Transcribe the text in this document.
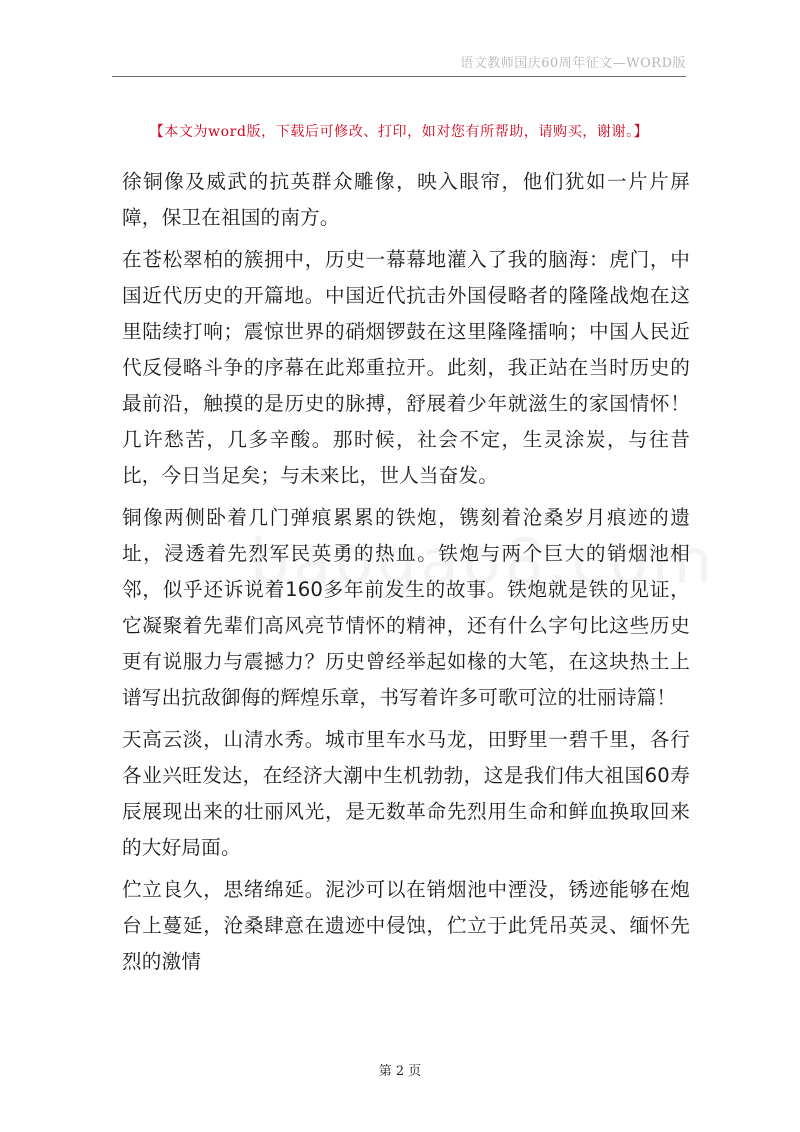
语文教师国庆60周年征文—WORD版
【本文为word版，下载后可修改、打印，如对您有所帮助，请购买，谢谢。】

徐铜像及威武的抗英群众雕像，映入眼帘，他们犹如一片片屏障，保卫在祖国的南方。

在苍松翠柏的簇拥中，历史一幕幕地灌入了我的脑海：虎门，中国近代历史的开篇地。中国近代抗击外国侵略者的隆隆战炮在这里陆续打响；震惊世界的硝烟锣鼓在这里隆隆擂响；中国人民近代反侵略斗争的序幕在此郑重拉开。此刻，我正站在当时历史的最前沿，触摸的是历史的脉搏，舒展着少年就滋生的家国情怀！几许愁苦，几多辛酸。那时候，社会不定，生灵涂炭，与往昔比，今日当足矣；与未来比，世人当奋发。

铜像两侧卧着几门弹痕累累的铁炮，镌刻着沧桑岁月痕迹的遗址，浸透着先烈军民英勇的热血。铁炮与两个巨大的销烟池相邻，似乎还诉说着160多年前发生的故事。铁炮就是铁的见证，它凝聚着先辈们高风亮节情怀的精神，还有什么字句比这些历史更有说服力与震撼力？历史曾经举起如椽的大笔，在这块热土上谱写出抗敌御侮的辉煌乐章，书写着许多可歌可泣的壮丽诗篇！

天高云淡，山清水秀。城市里车水马龙，田野里一碧千里，各行各业兴旺发达，在经济大潮中生机勃勃，这是我们伟大祖国60寿辰展现出来的壮丽风光，是无数革命先烈用生命和鲜血换取回来的大好局面。

伫立良久，思绪绵延。泥沙可以在销烟池中湮没，锈迹能够在炮台上蔓延，沧桑肆意在遗迹中侵蚀，伫立于此凭吊英灵、缅怀先烈的激情

第 2 页
